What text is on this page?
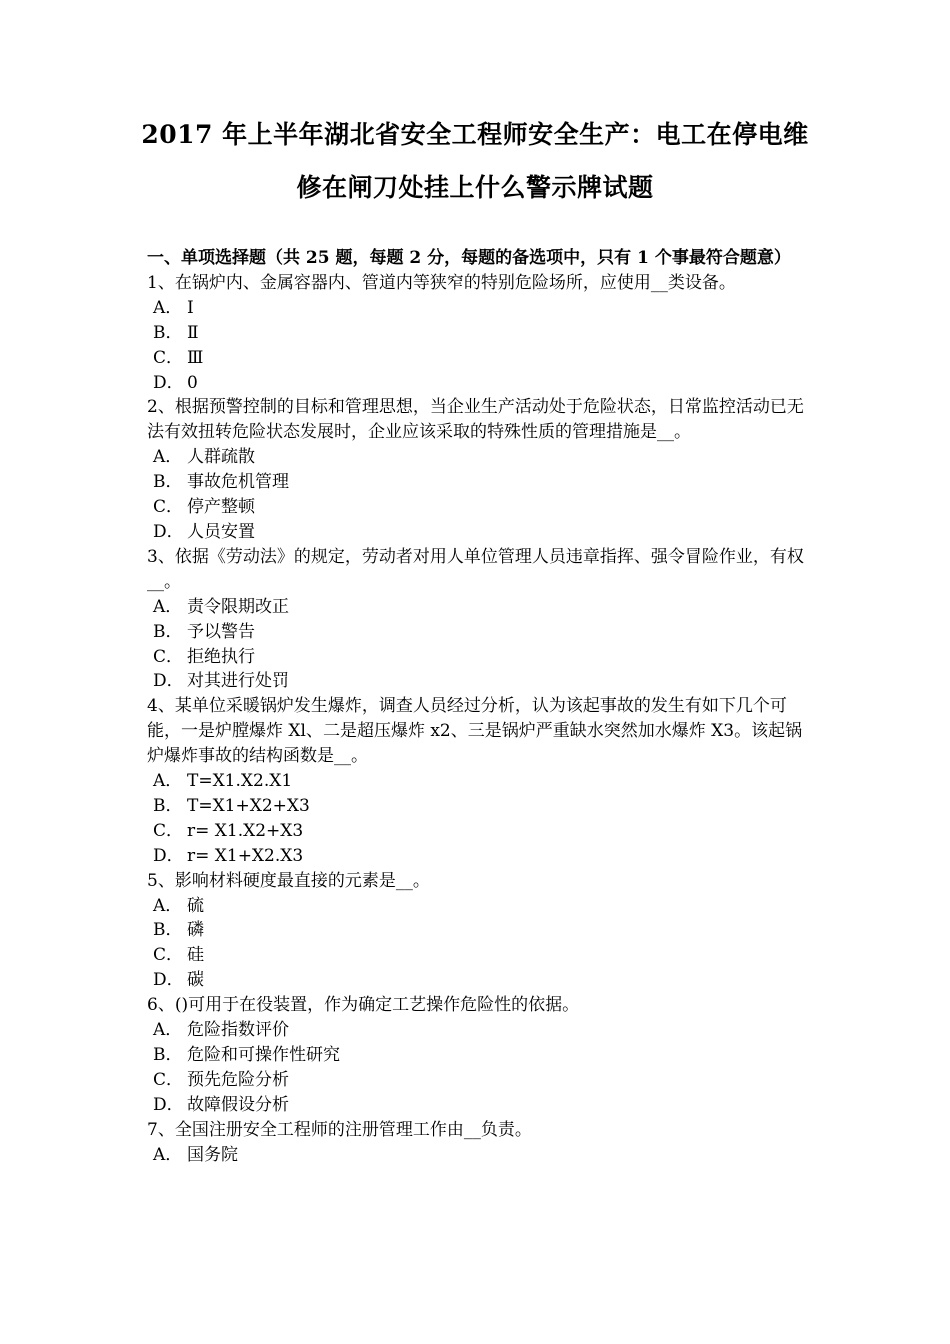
2017 年上半年湖北省安全工程师安全生产：电工在停电维
修在闸刀处挂上什么警示牌试题
一、单项选择题（共 25 题，每题 2 分，每题的备选项中，只有 1 个事最符合题意）

1、在锅炉内、金属容器内、管道内等狭窄的特别危险场所，应使用__类设备。

A． Ⅰ

B． Ⅱ

C． Ⅲ

D． 0

2、根据预警控制的目标和管理思想，当企业生产活动处于危险状态，日常监控活动已无法有效扭转危险状态发展时，企业应该采取的特殊性质的管理措施是__。

A． 人群疏散

B． 事故危机管理

C． 停产整顿

D． 人员安置

3、依据《劳动法》的规定，劳动者对用人单位管理人员违章指挥、强令冒险作业，有权__。

A． 责令限期改正

B． 予以警告

C． 拒绝执行

D． 对其进行处罚

4、某单位采暖锅炉发生爆炸，调查人员经过分析，认为该起事故的发生有如下几个可能，一是炉膛爆炸 Xl、二是超压爆炸 x2、三是锅炉严重缺水突然加水爆炸 X3。该起锅炉爆炸事故的结构函数是__。

A． T=X1.X2.X1

B． T=X1+X2+X3

C． r= X1.X2+X3

D． r= X1+X2.X3

5、影响材料硬度最直接的元素是__。

A． 硫

B． 磷

C． 硅

D． 碳

6、()可用于在役装置，作为确定工艺操作危险性的依据。

A． 危险指数评价

B． 危险和可操作性研究

C． 预先危险分析

D． 故障假设分析

7、全国注册安全工程师的注册管理工作由__负责。

A． 国务院
